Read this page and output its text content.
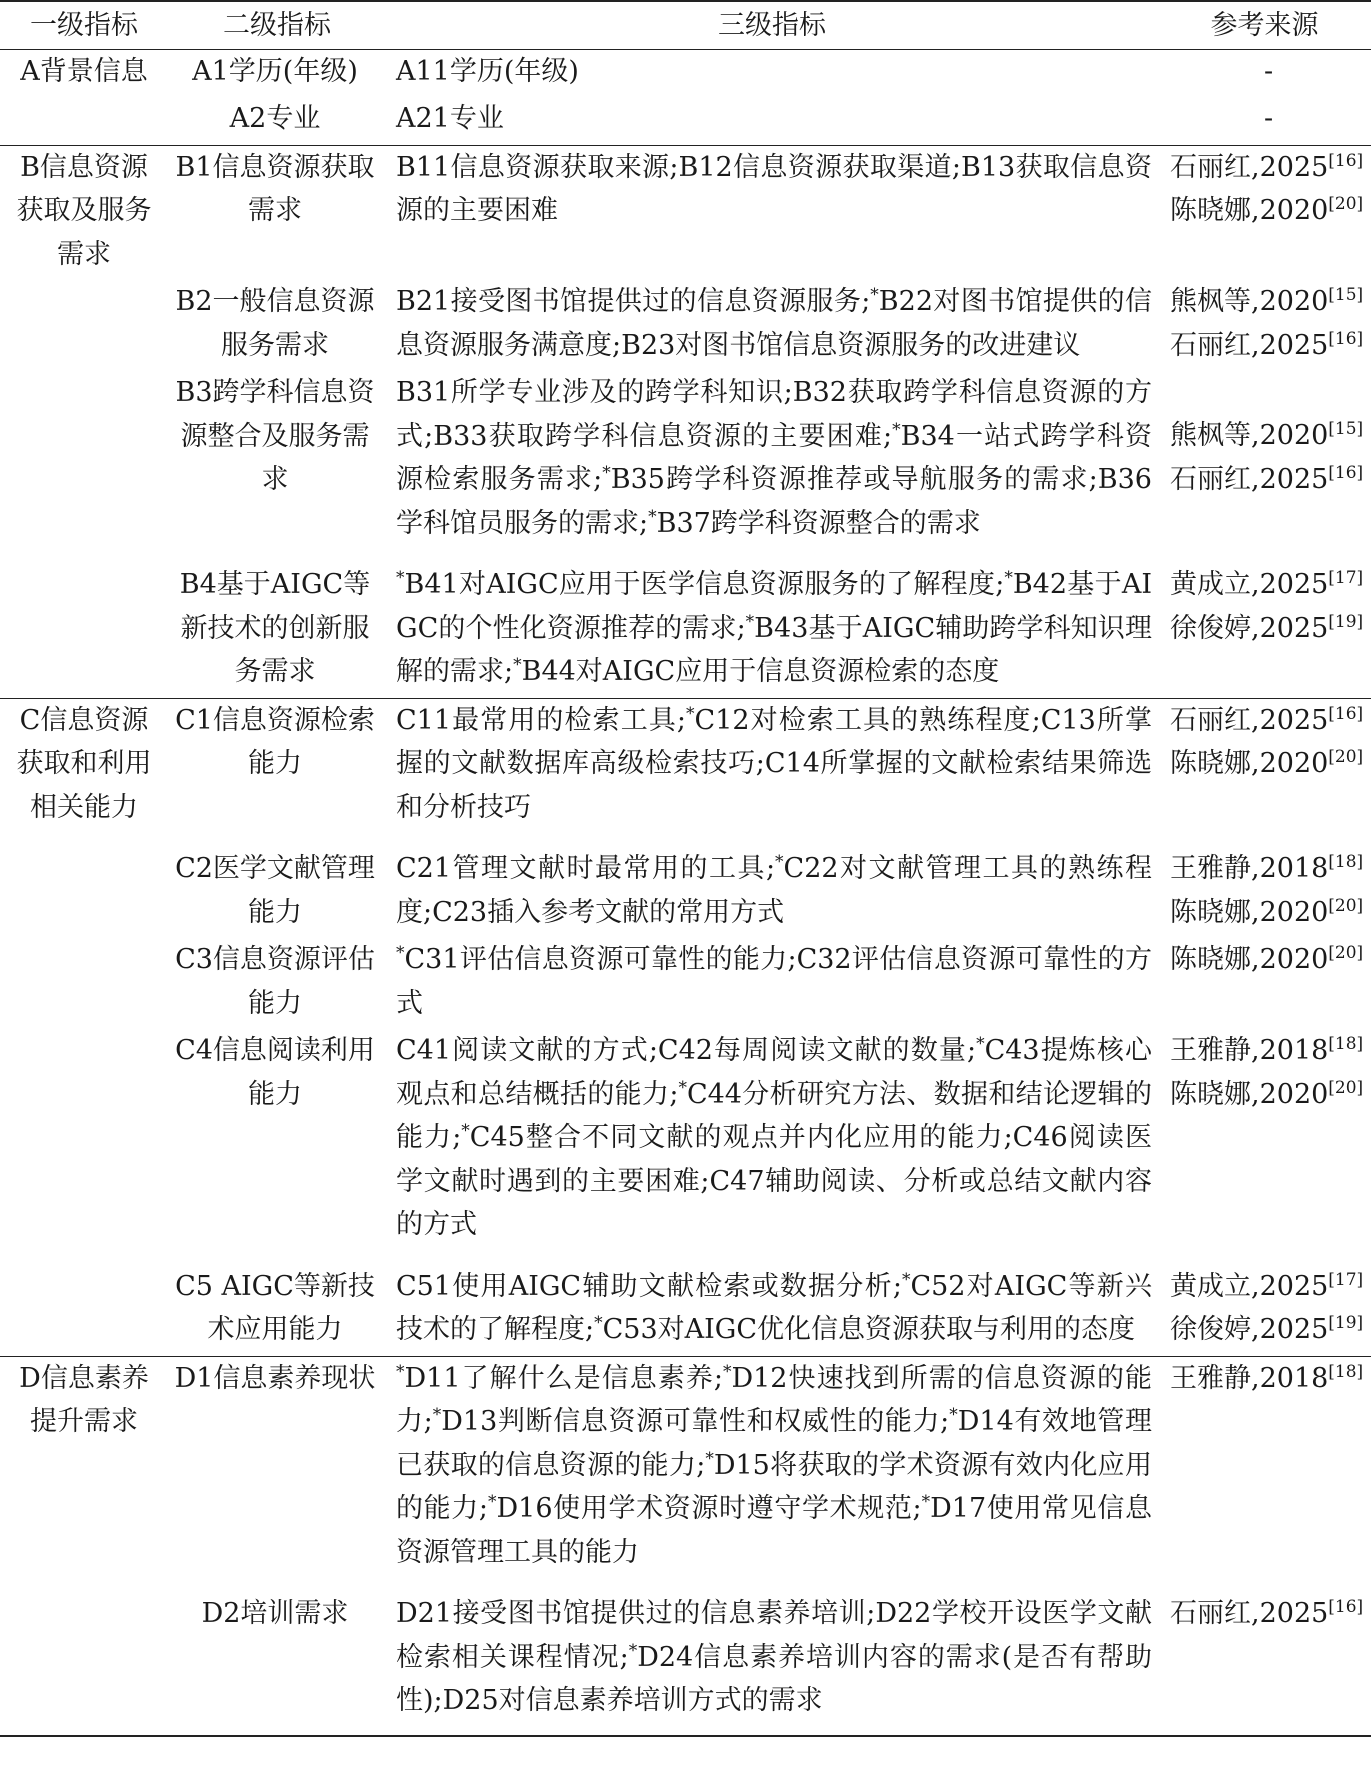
一级指标	二级指标	三级指标	参考来源
A背景信息	A1学历(年级)	A11学历(年级)	-

	A2专业	A21专业	-

B信息资源获取及服务需求	B1信息资源获取需求	B11信息资源获取来源;B12信息资源获取渠道;B13获取信息资源的主要困难	石丽红,2025[16]
陈晓娜,2020[20]

	B2一般信息资源服务需求	B21接受图书馆提供过的信息资源服务;*B22对图书馆提供的信息资源服务满意度;B23对图书馆信息资源服务的改进建议	熊枫等,2020[15]
石丽红,2025[16]

	B3跨学科信息资源整合及服务需求	B31所学专业涉及的跨学科知识;B32获取跨学科信息资源的方式;B33获取跨学科信息资源的主要困难;*B34一站式跨学科资源检索服务需求;*B35跨学科资源推荐或导航服务的需求;B36学科馆员服务的需求;*B37跨学科资源整合的需求	熊枫等,2020[15]
石丽红,2025[16]

	B4基于AIGC等新技术的创新服务需求	*B41对AIGC应用于医学信息资源服务的了解程度;*B42基于AIGC的个性化资源推荐的需求;*B43基于AIGC辅助跨学科知识理解的需求;*B44对AIGC应用于信息资源检索的态度	黄成立,2025[17]
徐俊婷,2025[19]

C信息资源获取和利用相关能力	C1信息资源检索能力	C11最常用的检索工具;*C12对检索工具的熟练程度;C13所掌握的文献数据库高级检索技巧;C14所掌握的文献检索结果筛选和分析技巧	石丽红,2025[16]
陈晓娜,2020[20]

	C2医学文献管理能力	C21管理文献时最常用的工具;*C22对文献管理工具的熟练程度;C23插入参考文献的常用方式	王雅静,2018[18]
陈晓娜,2020[20]

	C3信息资源评估能力	*C31评估信息资源可靠性的能力;C32评估信息资源可靠性的方式	陈晓娜,2020[20]

	C4信息阅读利用能力	C41阅读文献的方式;C42每周阅读文献的数量;*C43提炼核心观点和总结概括的能力;*C44分析研究方法、数据和结论逻辑的能力;*C45整合不同文献的观点并内化应用的能力;C46阅读医学文献时遇到的主要困难;C47辅助阅读、分析或总结文献内容的方式	王雅静,2018[18]
陈晓娜,2020[20]

	C5 AIGC等新技术应用能力	C51使用AIGC辅助文献检索或数据分析;*C52对AIGC等新兴技术的了解程度;*C53对AIGC优化信息资源获取与利用的态度	黄成立,2025[17]
徐俊婷,2025[19]

D信息素养提升需求	D1信息素养现状	*D11了解什么是信息素养;*D12快速找到所需的信息资源的能力;*D13判断信息资源可靠性和权威性的能力;*D14有效地管理已获取的信息资源的能力;*D15将获取的学术资源有效内化应用的能力;*D16使用学术资源时遵守学术规范;*D17使用常见信息资源管理工具的能力	王雅静,2018[18]

	D2培训需求	D21接受图书馆提供过的信息素养培训;D22学校开设医学文献检索相关课程情况;*D24信息素养培训内容的需求(是否有帮助性);D25对信息素养培训方式的需求	石丽红,2025[16]
